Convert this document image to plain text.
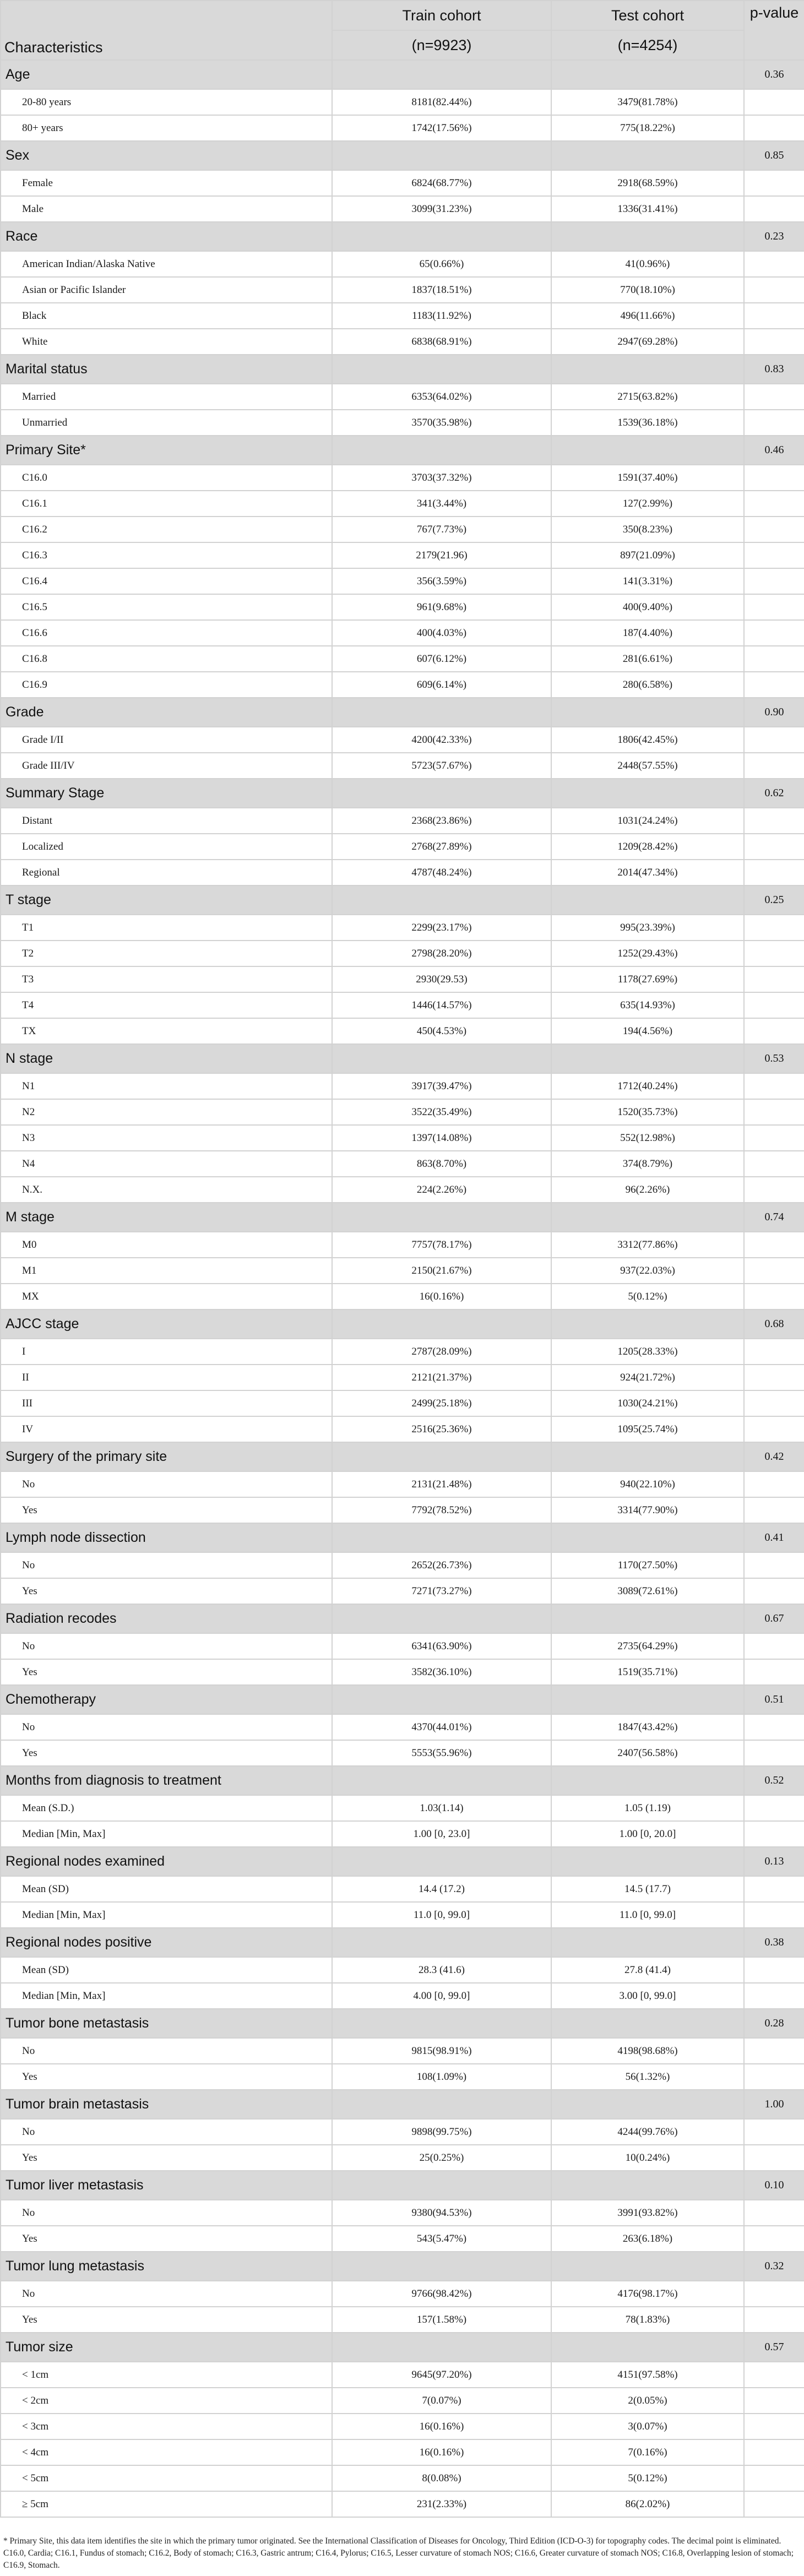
Characteristics	Train cohort	Test cohort	p-value
	(n=9923)	(n=4254)	
Age			0.36
20-80 years	8181(82.44%)	3479(81.78%)	
80+ years	1742(17.56%)	775(18.22%)	
Sex			0.85
Female	6824(68.77%)	2918(68.59%)	
Male	3099(31.23%)	1336(31.41%)	
Race			0.23
American Indian/Alaska Native	65(0.66%)	41(0.96%)	
Asian or Pacific Islander	1837(18.51%)	770(18.10%)	
Black	1183(11.92%)	496(11.66%)	
White	6838(68.91%)	2947(69.28%)	
Marital status			0.83
Married	6353(64.02%)	2715(63.82%)	
Unmarried	3570(35.98%)	1539(36.18%)	
Primary Site*			0.46
C16.0	3703(37.32%)	1591(37.40%)	
C16.1	341(3.44%)	127(2.99%)	
C16.2	767(7.73%)	350(8.23%)	
C16.3	2179(21.96)	897(21.09%)	
C16.4	356(3.59%)	141(3.31%)	
C16.5	961(9.68%)	400(9.40%)	
C16.6	400(4.03%)	187(4.40%)	
C16.8	607(6.12%)	281(6.61%)	
C16.9	609(6.14%)	280(6.58%)	
Grade			0.90
Grade I/II	4200(42.33%)	1806(42.45%)	
Grade III/IV	5723(57.67%)	2448(57.55%)	
Summary Stage			0.62
Distant	2368(23.86%)	1031(24.24%)	
Localized	2768(27.89%)	1209(28.42%)	
Regional	4787(48.24%)	2014(47.34%)	
T stage			0.25
T1	2299(23.17%)	995(23.39%)	
T2	2798(28.20%)	1252(29.43%)	
T3	2930(29.53)	1178(27.69%)	
T4	1446(14.57%)	635(14.93%)	
TX	450(4.53%)	194(4.56%)	
N stage			0.53
N1	3917(39.47%)	1712(40.24%)	
N2	3522(35.49%)	1520(35.73%)	
N3	1397(14.08%)	552(12.98%)	
N4	863(8.70%)	374(8.79%)	
N.X.	224(2.26%)	96(2.26%)	
M stage			0.74
M0	7757(78.17%)	3312(77.86%)	
M1	2150(21.67%)	937(22.03%)	
MX	16(0.16%)	5(0.12%)	
AJCC stage			0.68
I	2787(28.09%)	1205(28.33%)	
II	2121(21.37%)	924(21.72%)	
III	2499(25.18%)	1030(24.21%)	
IV	2516(25.36%)	1095(25.74%)	
Surgery of the primary site			0.42
No	2131(21.48%)	940(22.10%)	
Yes	7792(78.52%)	3314(77.90%)	
Lymph node dissection			0.41
No	2652(26.73%)	1170(27.50%)	
Yes	7271(73.27%)	3089(72.61%)	
Radiation recodes			0.67
No	6341(63.90%)	2735(64.29%)	
Yes	3582(36.10%)	1519(35.71%)	
Chemotherapy			0.51
No	4370(44.01%)	1847(43.42%)	
Yes	5553(55.96%)	2407(56.58%)	
Months from diagnosis to treatment			0.52
Mean (S.D.)	1.03(1.14)	1.05 (1.19)	
Median [Min, Max]	1.00 [0, 23.0]	1.00 [0, 20.0]	
Regional nodes examined			0.13
Mean (SD)	14.4 (17.2)	14.5 (17.7)	
Median [Min, Max]	11.0 [0, 99.0]	11.0 [0, 99.0]	
Regional nodes positive			0.38
Mean (SD)	28.3 (41.6)	27.8 (41.4)	
Median [Min, Max]	4.00 [0, 99.0]	3.00 [0, 99.0]	
Tumor bone metastasis			0.28
No	9815(98.91%)	4198(98.68%)	
Yes	108(1.09%)	56(1.32%)	
Tumor brain metastasis			1.00
No	9898(99.75%)	4244(99.76%)	
Yes	25(0.25%)	10(0.24%)	
Tumor liver metastasis			0.10
No	9380(94.53%)	3991(93.82%)	
Yes	543(5.47%)	263(6.18%)	
Tumor lung metastasis			0.32
No	9766(98.42%)	4176(98.17%)	
Yes	157(1.58%)	78(1.83%)	
Tumor size			0.57
< 1cm	9645(97.20%)	4151(97.58%)	
< 2cm	7(0.07%)	2(0.05%)	
< 3cm	16(0.16%)	3(0.07%)	
< 4cm	16(0.16%)	7(0.16%)	
< 5cm	8(0.08%)	5(0.12%)	
≥ 5cm	231(2.33%)	86(2.02%)	
* Primary Site, this data item identifies the site in which the primary tumor originated. See the International Classification of Diseases for Oncology, Third Edition (ICD-O-3) for topography codes. The decimal point is eliminated. C16.0, Cardia; C16.1, Fundus of stomach; C16.2, Body of stomach; C16.3, Gastric antrum; C16.4, Pylorus; C16.5, Lesser curvature of stomach NOS; C16.6, Greater curvature of stomach NOS; C16.8, Overlapping lesion of stomach; C16.9, Stomach.
